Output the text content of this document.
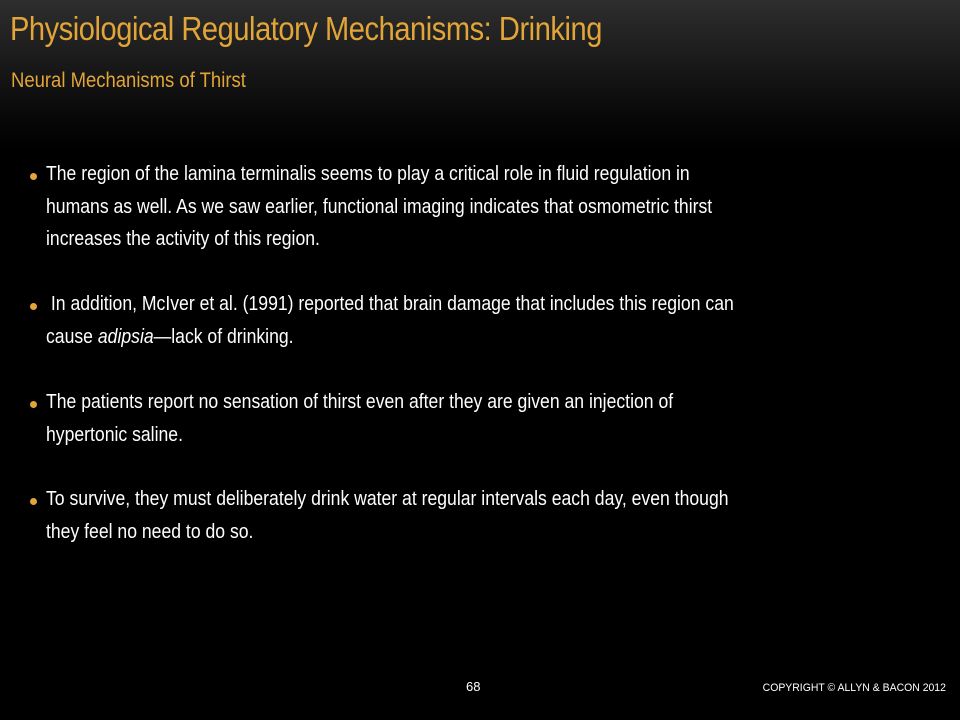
Physiological Regulatory Mechanisms: Drinking
Neural Mechanisms of Thirst
The region of the lamina terminalis seems to play a critical role in fluid regulation in
humans as well. As we saw earlier, functional imaging indicates that osmometric thirst
increases the activity of this region.
In addition, McIver et al. (1991) reported that brain damage that includes this region can
cause adipsia—lack of drinking.
The patients report no sensation of thirst even after they are given an injection of
hypertonic saline.
To survive, they must deliberately drink water at regular intervals each day, even though
they feel no need to do so.
68	COPYRIGHT © ALLYN & BACON 2012
